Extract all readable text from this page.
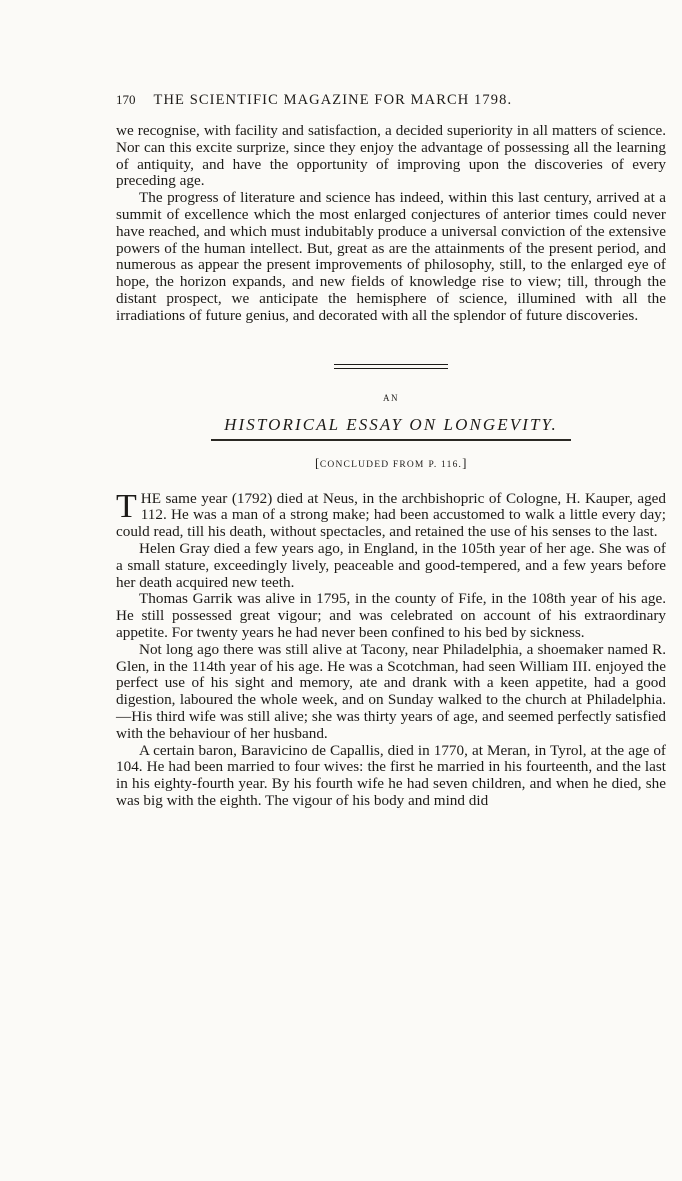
170 THE SCIENTIFIC MAGAZINE FOR MARCH 1798.

we recognise, with facility and satisfaction, a decided superiority in all matters of science. Nor can this excite surprize, since they enjoy the advantage of possessing all the learning of antiquity, and have the opportunity of improving upon the discoveries of every preceding age.

The progress of literature and science has indeed, within this last century, arrived at a summit of excellence which the most enlarged conjectures of anterior times could never have reached, and which must indubitably produce a universal conviction of the extensive powers of the human intellect. But, great as are the attainments of the present period, and numerous as appear the present improvements of philosophy, still, to the enlarged eye of hope, the horizon expands, and new fields of knowledge rise to view; till, through the distant prospect, we anticipate the hemisphere of science, illumined with all the irradiations of future genius, and decorated with all the splendor of future discoveries.

AN
HISTORICAL ESSAY ON LONGEVITY.
[CONCLUDED FROM P. 116.]

THE same year (1792) died at Neus, in the archbishopric of Cologne, H. Kauper, aged 112. He was a man of a strong make; had been accustomed to walk a little every day; could read, till his death, without spectacles, and retained the use of his senses to the last.

Helen Gray died a few years ago, in England, in the 105th year of her age. She was of a small stature, exceedingly lively, peaceable and good-tempered, and a few years before her death acquired new teeth.

Thomas Garrik was alive in 1795, in the county of Fife, in the 108th year of his age. He still possessed great vigour; and was celebrated on account of his extraordinary appetite. For twenty years he had never been confined to his bed by sickness.

Not long ago there was still alive at Tacony, near Philadelphia, a shoemaker named R. Glen, in the 114th year of his age. He was a Scotchman, had seen William III. enjoyed the perfect use of his sight and memory, ate and drank with a keen appetite, had a good digestion, laboured the whole week, and on Sunday walked to the church at Philadelphia.—His third wife was still alive; she was thirty years of age, and seemed perfectly satisfied with the behaviour of her husband.

A certain baron, Baravicino de Capallis, died in 1770, at Meran, in Tyrol, at the age of 104. He had been married to four wives: the first he married in his fourteenth, and the last in his eighty-fourth year. By his fourth wife he had seven children, and when he died, she was big with the eighth. The vigour of his body and mind did
